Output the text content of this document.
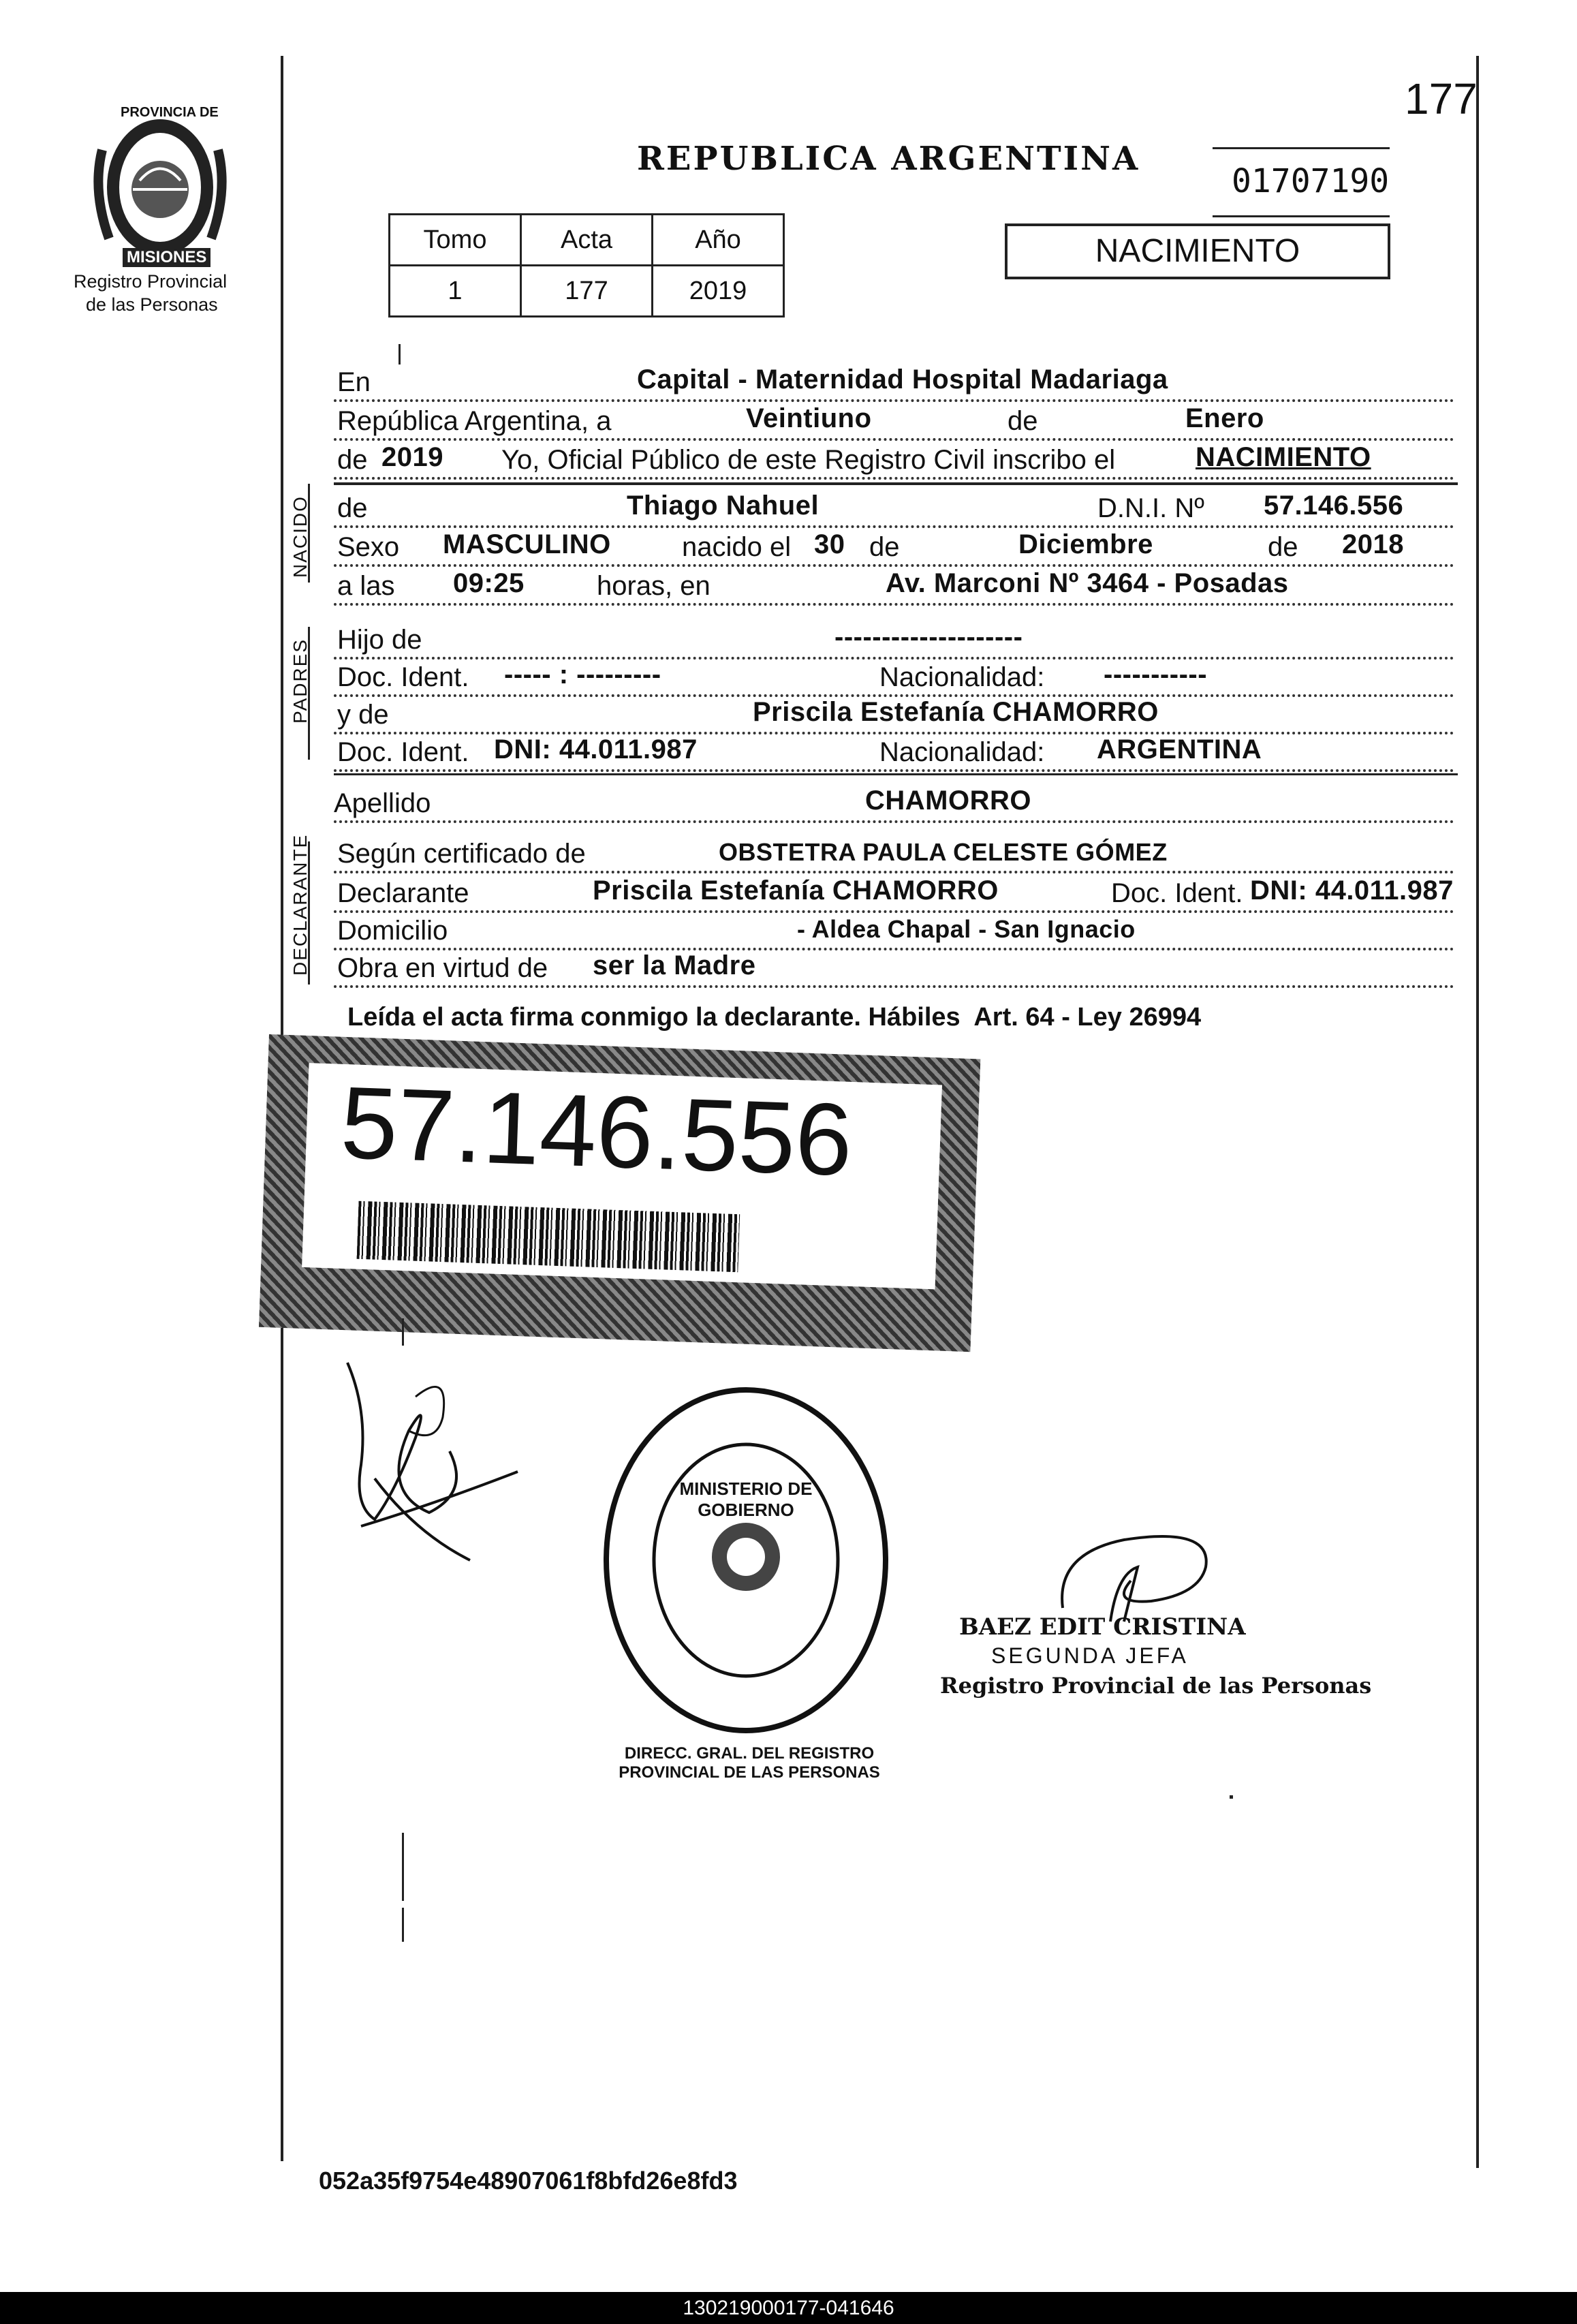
PROVINCIA DE
MISIONES
Registro Provincial
de las Personas
177
REPUBLICA ARGENTINA
01707190
Tomo	Acta	Año
1	177	2019
NACIMIENTO
NACIDO
PADRES
DECLARANTE
En	Capital - Maternidad Hospital Madariaga
República Argentina, a	Veintiuno	de	Enero
de 2019 Yo, Oficial Público de este Registro Civil inscribo el	NACIMIENTO
de	Thiago Nahuel	D.N.I. Nº 57.146.556
Sexo MASCULINO	nacido el 30 de	Diciembre	de 2018
a las 09:25	horas, en	Av. Marconi Nº 3464 - Posadas
Hijo de	--------------------
Doc. Ident. ----- : ---------	Nacionalidad: -----------
y de	Priscila Estefanía CHAMORRO
Doc. Ident. DNI: 44.011.987	Nacionalidad: ARGENTINA
Apellido	CHAMORRO
Según certificado de	OBSTETRA PAULA CELESTE GÓMEZ
Declarante	Priscila Estefanía CHAMORRO	Doc. Ident. DNI: 44.011.987
Domicilio	- Aldea Chapal - San Ignacio
Obra en virtud de ser la Madre
Leída el acta firma conmigo la declarante. Hábiles  Art. 64 - Ley 26994
57.146.556
MINISTERIO DE GOBIERNO
DIRECC. GRAL. DEL REGISTRO PROVINCIAL DE LAS PERSONAS
BAEZ EDIT CRISTINA
SEGUNDA JEFA
Registro Provincial de las Personas
052a35f9754e48907061f8bfd26e8fd3
130219000177-041646
